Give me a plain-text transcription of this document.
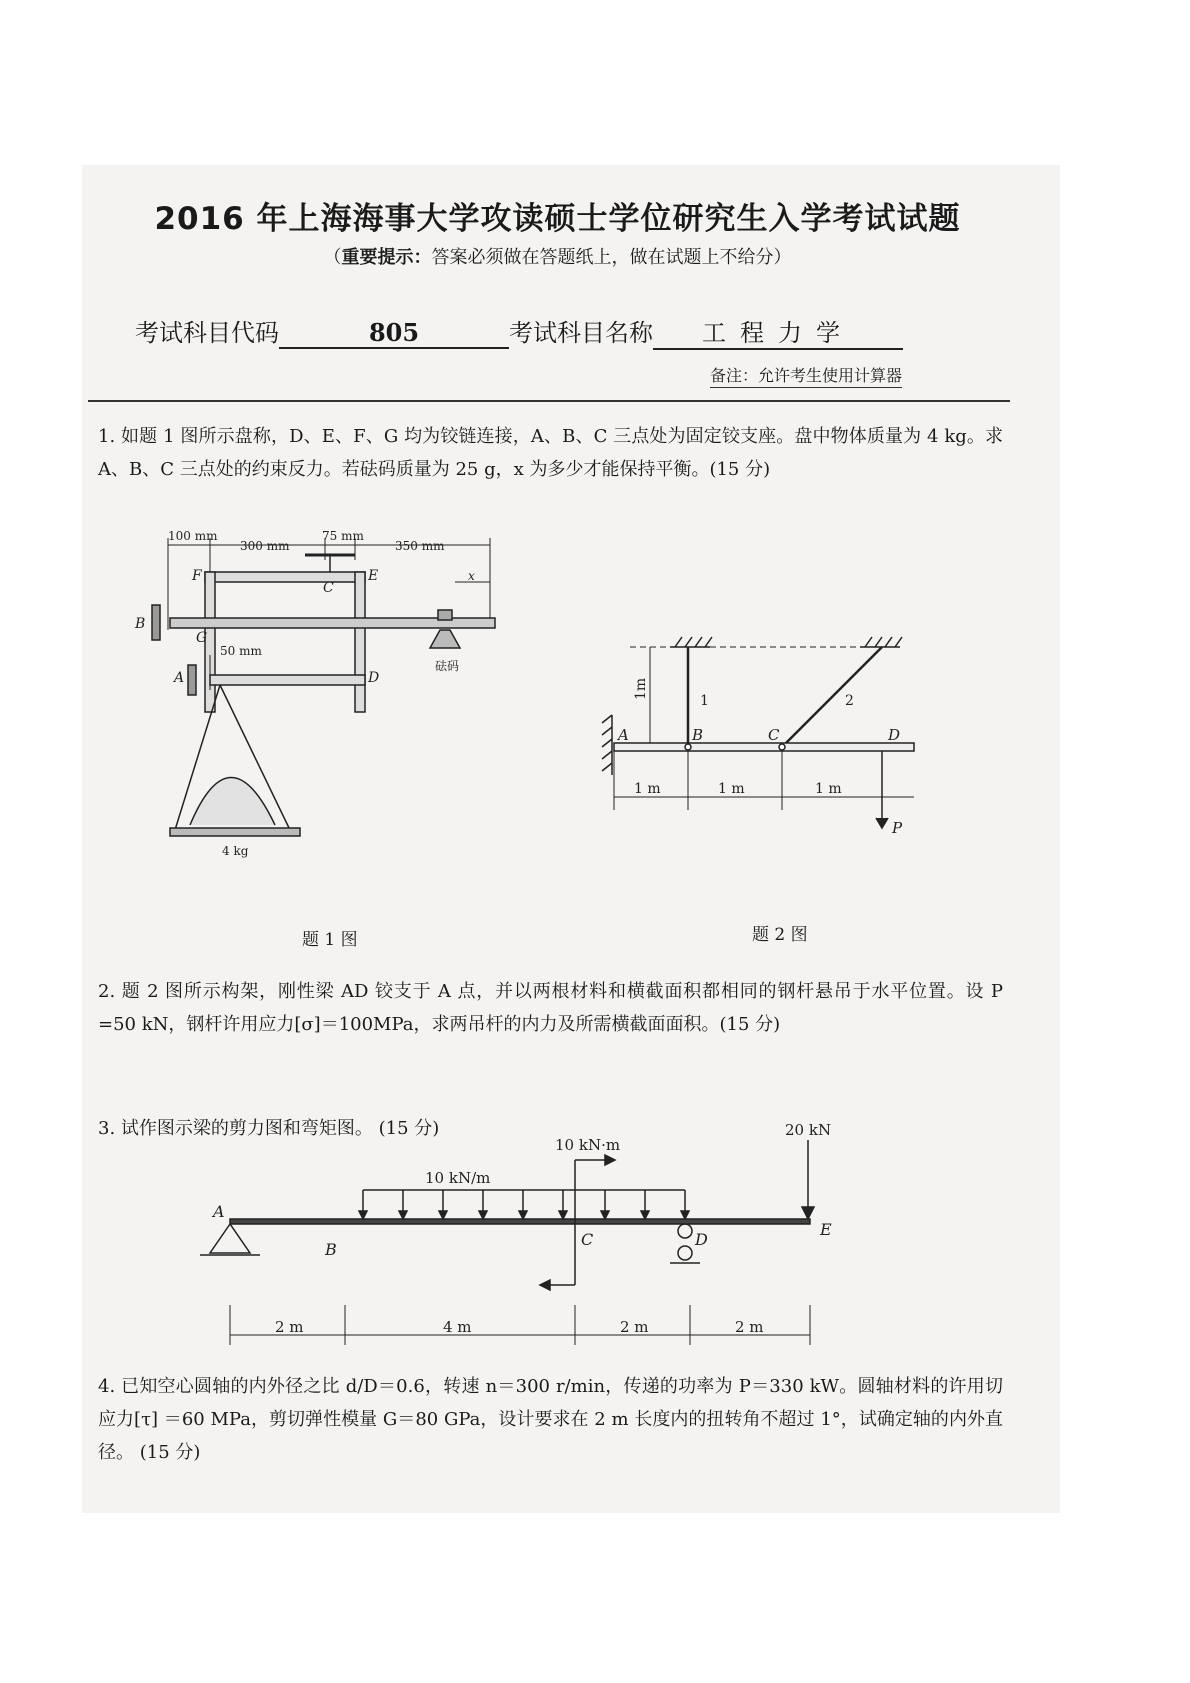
2016 年上海海事大学攻读硕士学位研究生入学考试试题
（重要提示：答案必须做在答题纸上，做在试题上不给分）
考试科目代码	805	考试科目名称 工程力学
备注：允许考生使用计算器
1. 如题 1 图所示盘称，D、E、F、G 均为铰链连接，A、B、C 三点处为固定铰支座。盘中物体质量为 4 kg。求 A、B、C 三点处的约束反力。若砝码质量为 25 g，x 为多少才能保持平衡。(15 分)
100 mm
300 mm
75 mm
350 mm
50 mm
x
砝码
4 kg
B
F
C
E
G
A	D
题 1 图
1m
1	2
1 m	1 m	1 m
A	B	C	D
P
题 2 图
2. 题 2 图所示构架，刚性梁 AD 铰支于 A 点，并以两根材料和横截面积都相同的钢杆悬吊于水平位置。设 P =50 kN，钢杆许用应力[σ]＝100MPa，求两吊杆的内力及所需横截面面积。(15 分)
3. 试作图示梁的剪力图和弯矩图。 (15 分)
10 kN/m
10 kN·m
20 kN
2 m	4 m	2 m	2 m
A
B
C	D
E
4. 已知空心圆轴的内外径之比 d/D＝0.6，转速 n＝300 r/min，传递的功率为 P＝330 kW。圆轴材料的许用切应力[τ] ＝60 MPa，剪切弹性模量 G＝80 GPa，设计要求在 2 m 长度内的扭转角不超过 1°，试确定轴的内外直径。 (15 分)
